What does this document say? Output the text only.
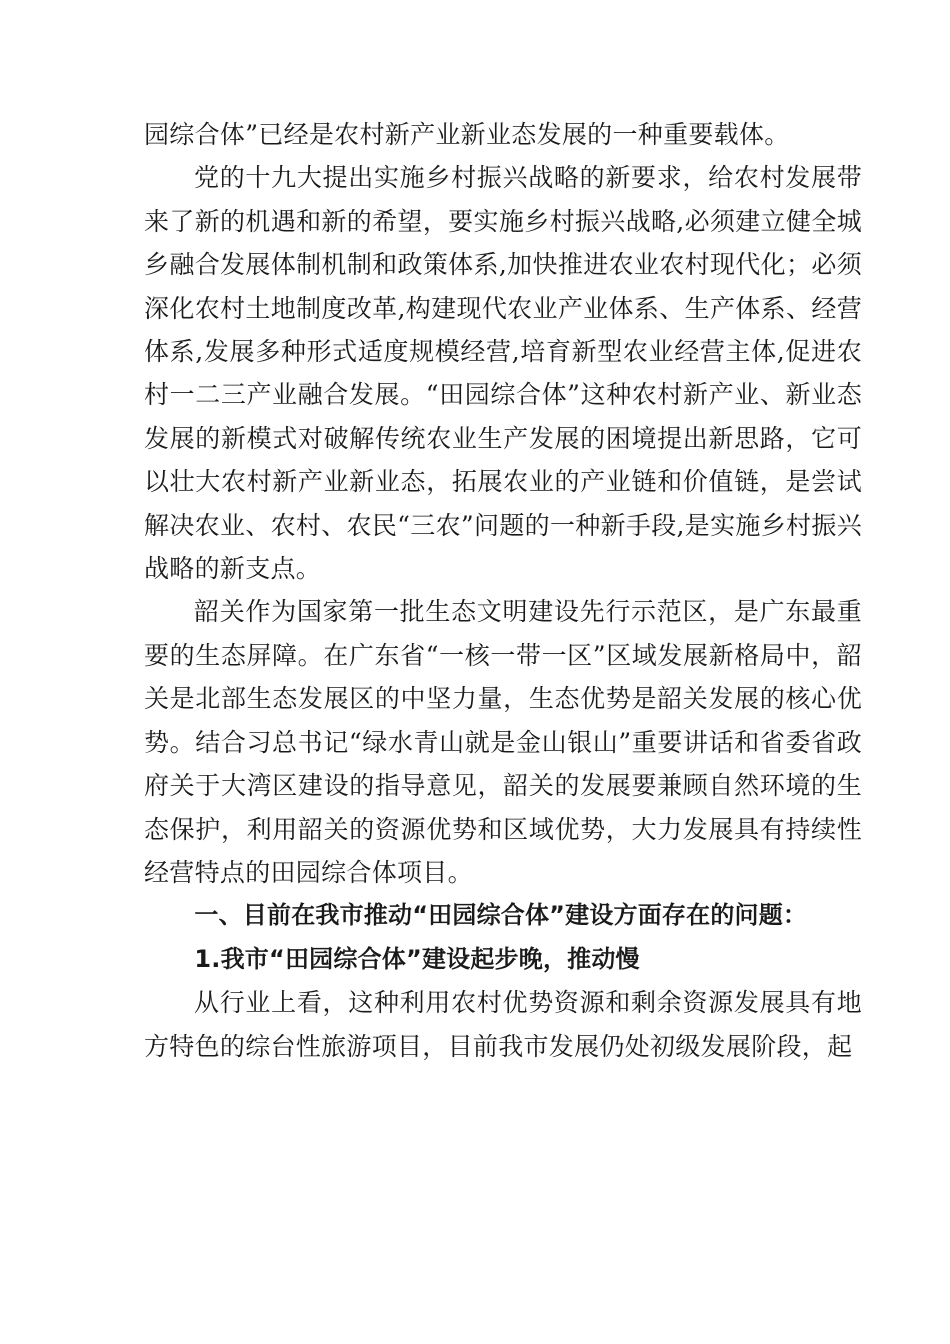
园综合体”已经是农村新产业新业态发展的一种重要载体。

党的十九大提出实施乡村振兴战略的新要求，给农村发展带来了新的机遇和新的希望，要实施乡村振兴战略,必须建立健全城乡融合发展体制机制和政策体系,加快推进农业农村现代化；必须深化农村土地制度改革,构建现代农业产业体系、生产体系、经营体系,发展多种形式适度规模经营,培育新型农业经营主体,促进农村一二三产业融合发展。“田园综合体”这种农村新产业、新业态发展的新模式对破解传统农业生产发展的困境提出新思路，它可以壮大农村新产业新业态，拓展农业的产业链和价值链，是尝试解决农业、农村、农民“三农”问题的一种新手段,是实施乡村振兴战略的新支点。

韶关作为国家第一批生态文明建设先行示范区，是广东最重要的生态屏障。在广东省“一核一带一区”区域发展新格局中，韶关是北部生态发展区的中坚力量，生态优势是韶关发展的核心优势。结合习总书记“绿水青山就是金山银山”重要讲话和省委省政府关于大湾区建设的指导意见，韶关的发展要兼顾自然环境的生态保护，利用韶关的资源优势和区域优势，大力发展具有持续性经营特点的田园综合体项目。

一、目前在我市推动“田园综合体”建设方面存在的问题：

1.我市“田园综合体”建设起步晚，推动慢

从行业上看，这种利用农村优势资源和剩余资源发展具有地方特色的综台性旅游项目，目前我市发展仍处初级发展阶段，起
